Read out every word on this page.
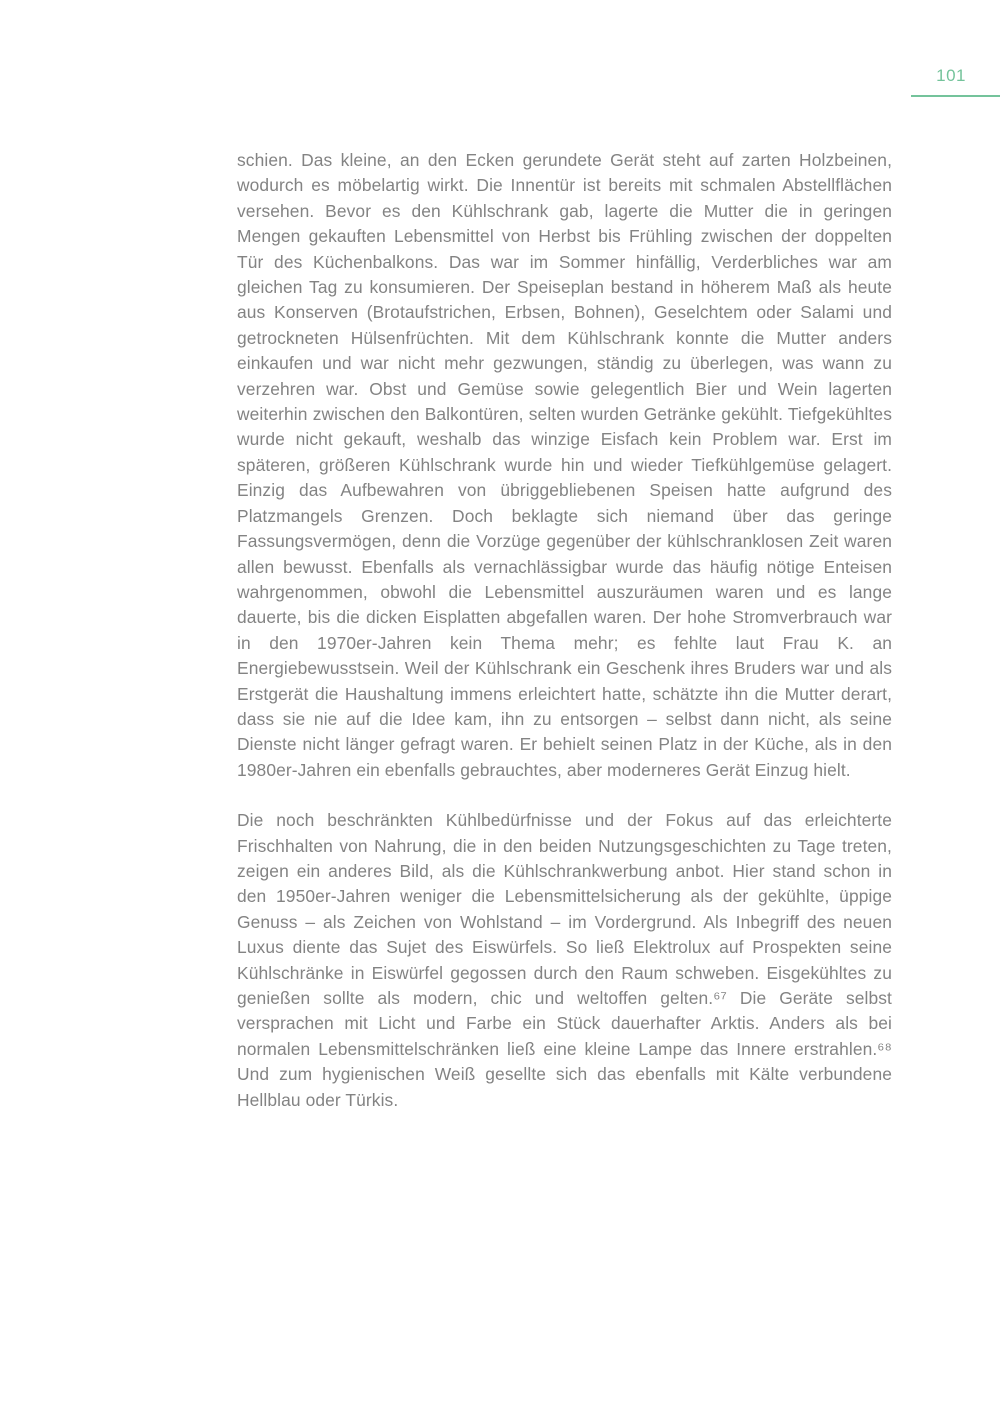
101

schien. Das kleine, an den Ecken gerundete Gerät steht auf zarten Holzbeinen, wodurch es möbelartig wirkt. Die Innentür ist bereits mit schmalen Abstellflächen versehen. Bevor es den Kühlschrank gab, lagerte die Mutter die in geringen Mengen gekauften Lebensmittel von Herbst bis Frühling zwischen der doppelten Tür des Küchenbalkons. Das war im Sommer hinfällig, Verderbliches war am gleichen Tag zu konsumieren. Der Speiseplan bestand in höherem Maß als heute aus Konserven (Brotaufstrichen, Erbsen, Bohnen), Geselchtem oder Salami und getrockneten Hülsenfrüchten. Mit dem Kühlschrank konnte die Mutter anders einkaufen und war nicht mehr gezwungen, ständig zu überlegen, was wann zu verzehren war. Obst und Gemüse sowie gelegentlich Bier und Wein lagerten weiterhin zwischen den Balkontüren, selten wurden Getränke gekühlt. Tiefgekühltes wurde nicht gekauft, weshalb das winzige Eisfach kein Problem war. Erst im späteren, größeren Kühlschrank wurde hin und wieder Tiefkühlgemüse gelagert. Einzig das Aufbewahren von übriggebliebenen Speisen hatte aufgrund des Platzmangels Grenzen. Doch beklagte sich niemand über das geringe Fassungsvermögen, denn die Vorzüge gegenüber der kühlschranklosen Zeit waren allen bewusst. Ebenfalls als vernachlässigbar wurde das häufig nötige Enteisen wahrgenommen, obwohl die Lebensmittel auszuräumen waren und es lange dauerte, bis die dicken Eisplatten abgefallen waren. Der hohe Stromverbrauch war in den 1970er-Jahren kein Thema mehr; es fehlte laut Frau K. an Energiebewusstsein. Weil der Kühlschrank ein Geschenk ihres Bruders war und als Erstgerät die Haushaltung immens erleichtert hatte, schätzte ihn die Mutter derart, dass sie nie auf die Idee kam, ihn zu entsorgen – selbst dann nicht, als seine Dienste nicht länger gefragt waren. Er behielt seinen Platz in der Küche, als in den 1980er-Jahren ein ebenfalls gebrauchtes, aber moderneres Gerät Einzug hielt.

Die noch beschränkten Kühlbedürfnisse und der Fokus auf das erleichterte Frischhalten von Nahrung, die in den beiden Nutzungsgeschichten zu Tage treten, zeigen ein anderes Bild, als die Kühlschrankwerbung anbot. Hier stand schon in den 1950er-Jahren weniger die Lebensmittelsicherung als der gekühlte, üppige Genuss – als Zeichen von Wohlstand – im Vordergrund. Als Inbegriff des neuen Luxus diente das Sujet des Eiswürfels. So ließ Elektrolux auf Prospekten seine Kühlschränke in Eiswürfel gegossen durch den Raum schweben. Eisgekühltes zu genießen sollte als modern, chic und weltoffen gelten.⁶⁷ Die Geräte selbst versprachen mit Licht und Farbe ein Stück dauerhafter Arktis. Anders als bei normalen Lebensmittelschränken ließ eine kleine Lampe das Innere erstrahlen.⁶⁸ Und zum hygienischen Weiß gesellte sich das ebenfalls mit Kälte verbundene Hellblau oder Türkis.
